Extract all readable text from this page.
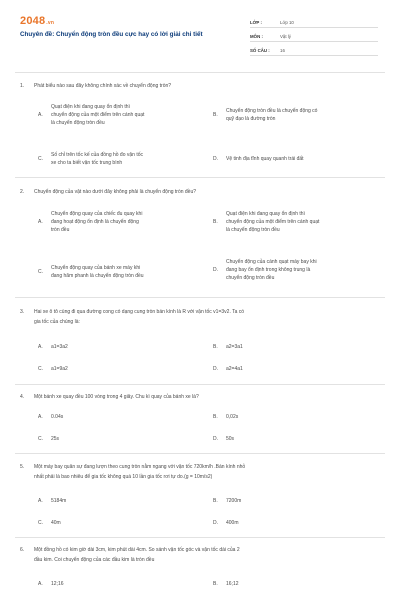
2048.vn
Chuyên đề: Chuyển động tròn đều cực hay có lời giải chi tiết
LỚP :	Lớp 10
MÔN :	Vật lý
SỐ CÂU :	16
1. Phát biểu nào sau đây không chính xác về chuyển động tròn?
A.
Quạt điện khi đang quay ổn định thì
chuyển động của một điểm trên cánh quạt
là chuyển động tròn đều
B.
Chuyển động tròn đều là chuyển động có
quỹ đạo là đường tròn
C.
Số chỉ trên tốc kế của đồng hồ đo vận tốc
xe cho ta biết vận tốc trung bình
D. Vệ tinh địa tĩnh quay quanh trái đất
2. Chuyển động của vật nào dưới đây không phải là chuyển động tròn đều?
A.
Chuyển động quay của chiếc đu quay khi
đang hoạt động ổn định là chuyển động
tròn đều
B.
Quạt điện khi đang quay ổn định thì
chuyển động của một điểm trên cánh quạt
là chuyển động tròn đều
C.
Chuyển động quay của bánh xe máy khi
đang hãm phanh là chuyển động tròn đều
D.
Chuyển động của cánh quạt máy bay khi
đang bay ổn định trong không trung là
chuyển động tròn đều
3. Hai xe ô tô cùng đi qua đường cong có dạng cung tròn bán kính là R với vận tốc v1=3v2. Ta có
gia tốc của chúng là:
A. a1=3a2	B. a2=3a1
C. a1=9a2	D. a2=4a1
4. Một bánh xe quay đều 100 vòng trong 4 giây. Chu kì quay của bánh xe là?
A. 0.04s	B. 0,02s
C. 25s	D. 50s
5. Một máy bay quân sự đang lượn theo cung tròn nằm ngang với vận tốc 720km/h .Bán kính nhỏ
nhất phải là bao nhiêu để gia tốc không quá 10 lần gia tốc rơi tự do.(g = 10m/s2)
A. 5184m	B. 7200m
C. 40m	D. 400m
6. Một đồng hồ có kim giờ dài 3cm, kim phút dài 4cm. So sánh vận tốc góc và vận tốc dài của 2
đầu kim. Coi chuyển động của các đầu kim là tròn đều
A. 12;16	B. 16;12
